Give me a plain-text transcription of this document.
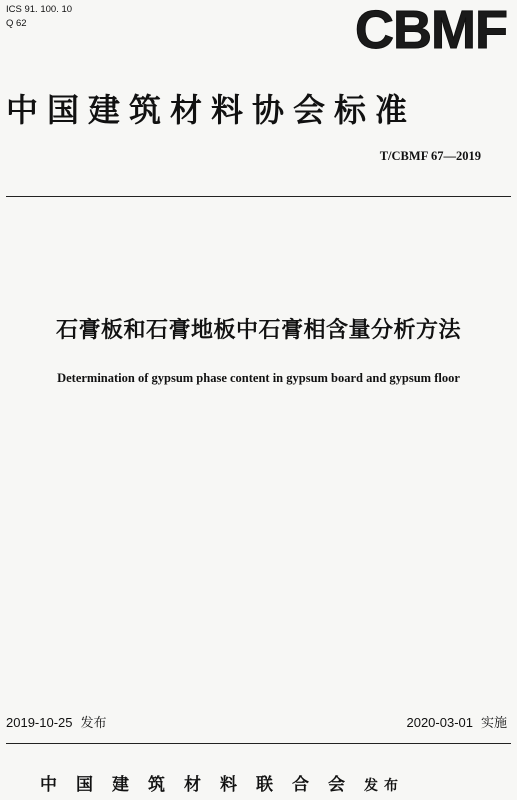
ICS 91. 100. 10
Q 62	CBMF
中国建筑材料协会标准
T/CBMF 67—2019
石膏板和石膏地板中石膏相含量分析方法
Determination of gypsum phase content in gypsum board and gypsum floor
2019-10-25 发布	2020-03-01 实施
中国建筑材料联合会发布
